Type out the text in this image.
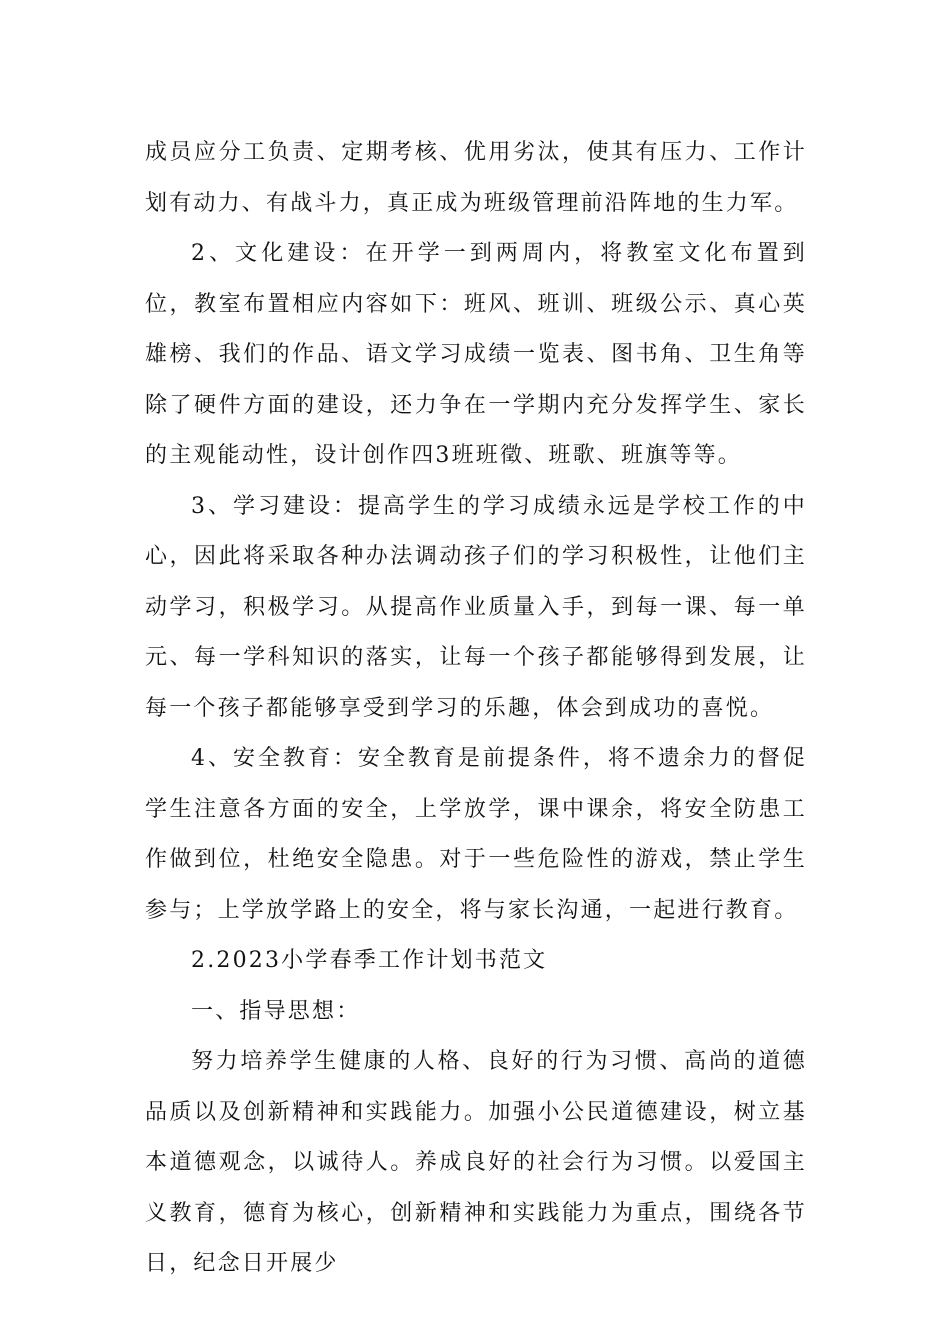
成员应分工负责、定期考核、优用劣汰，使其有压力、工作计划有动力、有战斗力，真正成为班级管理前沿阵地的生力军。

2、文化建设：在开学一到两周内，将教室文化布置到位，教室布置相应内容如下：班风、班训、班级公示、真心英雄榜、我们的作品、语文学习成绩一览表、图书角、卫生角等除了硬件方面的建设，还力争在一学期内充分发挥学生、家长的主观能动性，设计创作四3班班徵、班歌、班旗等等。

3、学习建设：提高学生的学习成绩永远是学校工作的中心，因此将采取各种办法调动孩子们的学习积极性，让他们主动学习，积极学习。从提高作业质量入手，到每一课、每一单元、每一学科知识的落实，让每一个孩子都能够得到发展，让每一个孩子都能够享受到学习的乐趣，体会到成功的喜悦。

4、安全教育：安全教育是前提条件，将不遗余力的督促学生注意各方面的安全，上学放学，课中课余，将安全防患工作做到位，杜绝安全隐患。对于一些危险性的游戏，禁止学生参与；上学放学路上的安全，将与家长沟通，一起进行教育。

2.2023小学春季工作计划书范文

一、指导思想：

努力培养学生健康的人格、良好的行为习惯、高尚的道德品质以及创新精神和实践能力。加强小公民道德建设，树立基本道德观念，以诚待人。养成良好的社会行为习惯。以爱国主义教育，德育为核心，创新精神和实践能力为重点，围绕各节日，纪念日开展少
